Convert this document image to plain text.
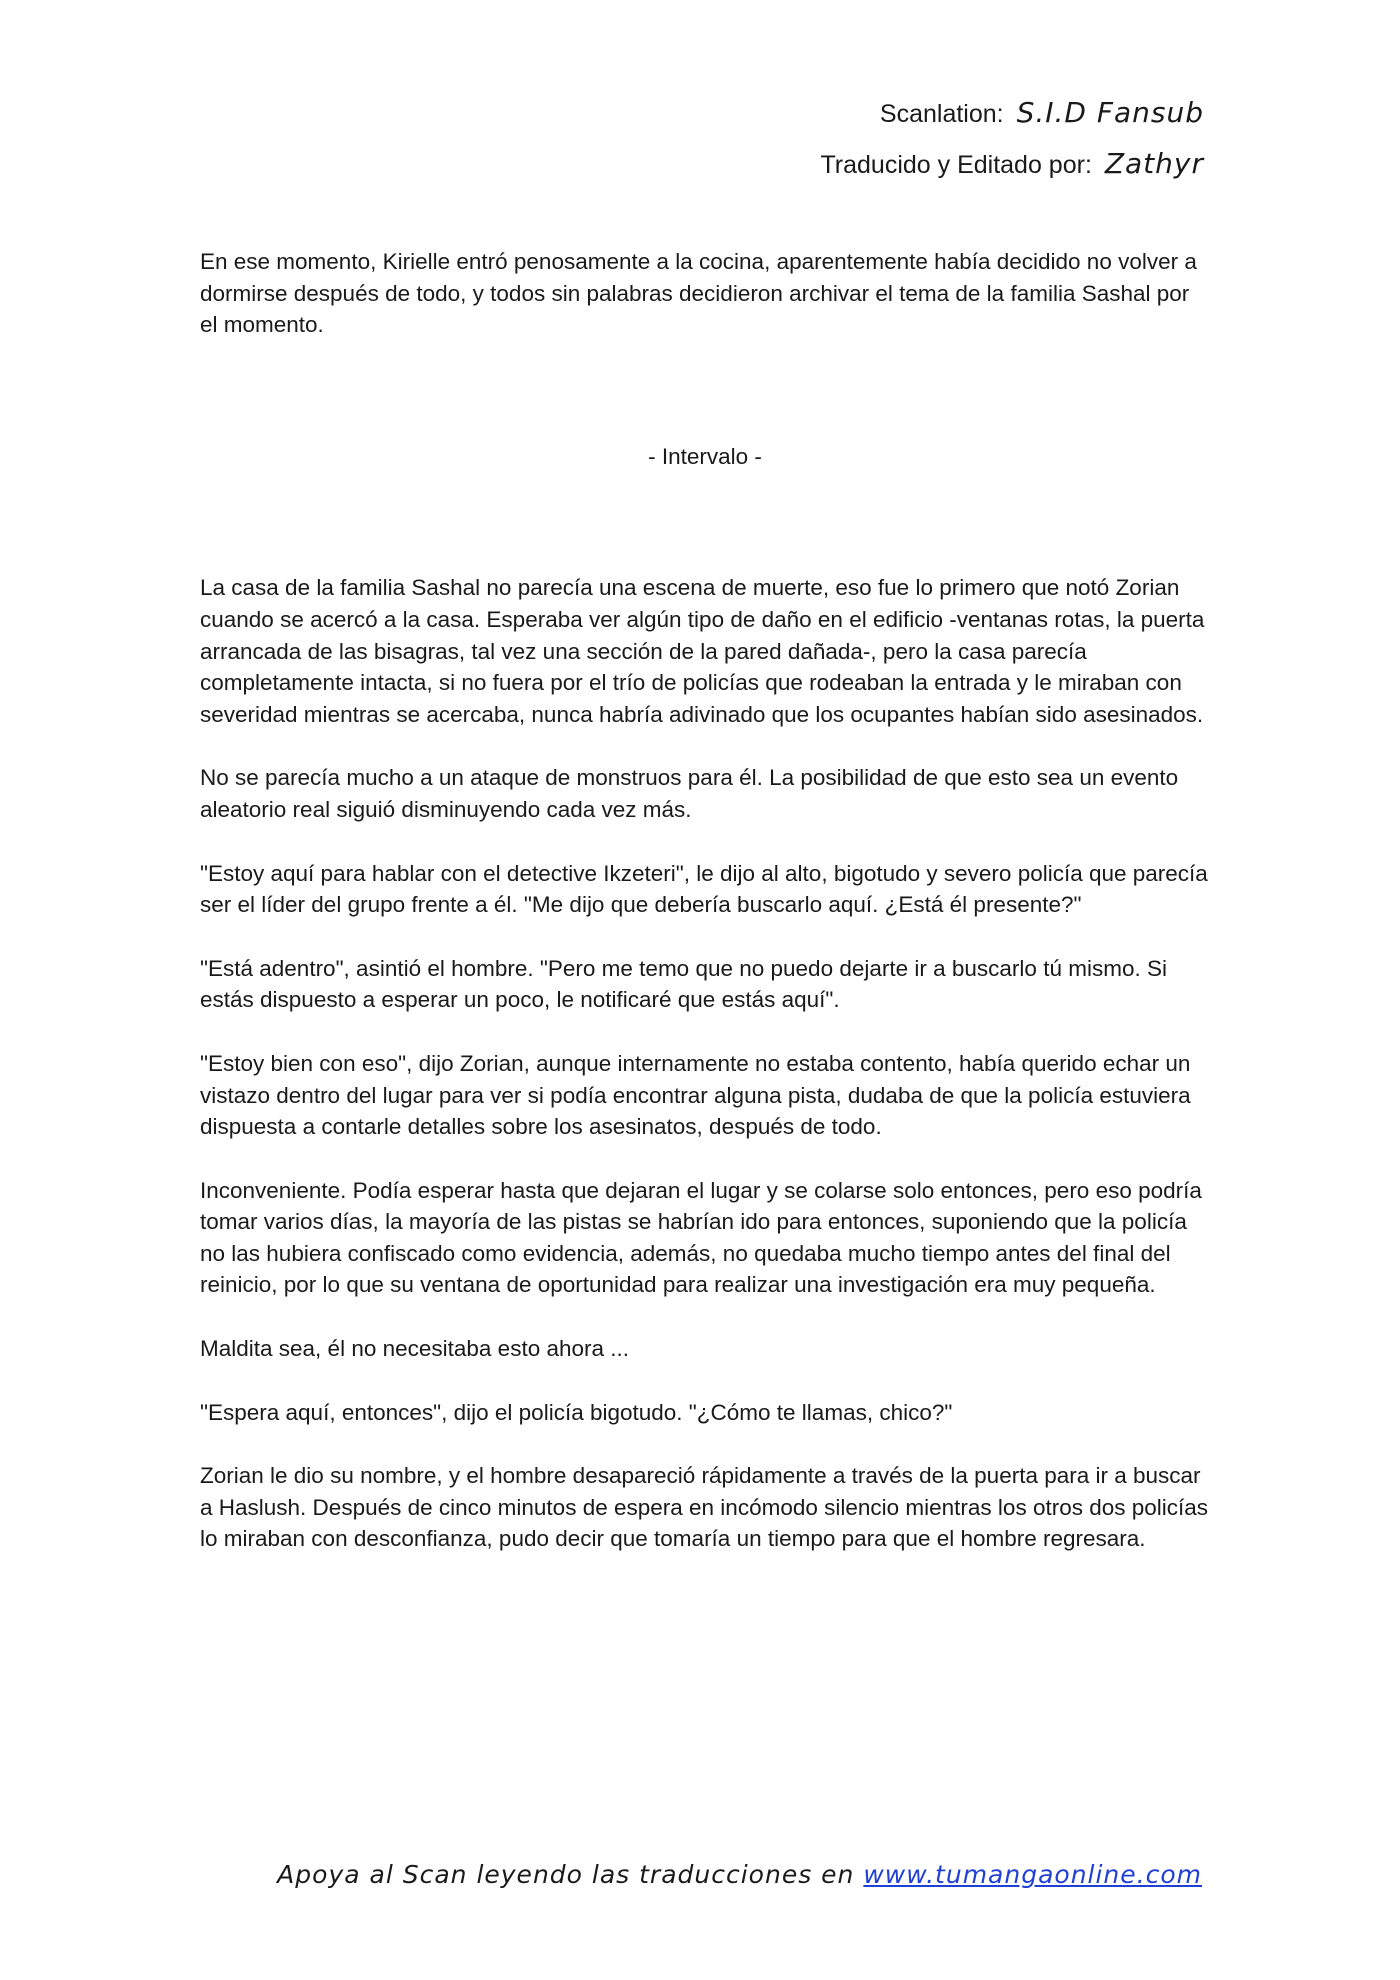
Scanlation: S.I.D Fansub
Traducido y Editado por: Zathyr

En ese momento, Kirielle entró penosamente a la cocina, aparentemente había decidido no volver a dormirse después de todo, y todos sin palabras decidieron archivar el tema de la familia Sashal por el momento.

- Intervalo -

La casa de la familia Sashal no parecía una escena de muerte, eso fue lo primero que notó Zorian cuando se acercó a la casa. Esperaba ver algún tipo de daño en el edificio -ventanas rotas, la puerta arrancada de las bisagras, tal vez una sección de la pared dañada-, pero la casa parecía completamente intacta, si no fuera por el trío de policías que rodeaban la entrada y le miraban con severidad mientras se acercaba, nunca habría adivinado que los ocupantes habían sido asesinados.

No se parecía mucho a un ataque de monstruos para él. La posibilidad de que esto sea un evento aleatorio real siguió disminuyendo cada vez más.

"Estoy aquí para hablar con el detective Ikzeteri", le dijo al alto, bigotudo y severo policía que parecía ser el líder del grupo frente a él. "Me dijo que debería buscarlo aquí. ¿Está él presente?"

"Está adentro", asintió el hombre. "Pero me temo que no puedo dejarte ir a buscarlo tú mismo. Si estás dispuesto a esperar un poco, le notificaré que estás aquí".

"Estoy bien con eso", dijo Zorian, aunque internamente no estaba contento, había querido echar un vistazo dentro del lugar para ver si podía encontrar alguna pista, dudaba de que la policía estuviera dispuesta a contarle detalles sobre los asesinatos, después de todo.

Inconveniente. Podía esperar hasta que dejaran el lugar y se colarse solo entonces, pero eso podría tomar varios días, la mayoría de las pistas se habrían ido para entonces, suponiendo que la policía no las hubiera confiscado como evidencia, además, no quedaba mucho tiempo antes del final del reinicio, por lo que su ventana de oportunidad para realizar una investigación era muy pequeña.

Maldita sea, él no necesitaba esto ahora ...

"Espera aquí, entonces", dijo el policía bigotudo. "¿Cómo te llamas, chico?"

Zorian le dio su nombre, y el hombre desapareció rápidamente a través de la puerta para ir a buscar a Haslush. Después de cinco minutos de espera en incómodo silencio mientras los otros dos policías lo miraban con desconfianza, pudo decir que tomaría un tiempo para que el hombre regresara.

Apoya al Scan leyendo las traducciones en www.tumangaonline.com
